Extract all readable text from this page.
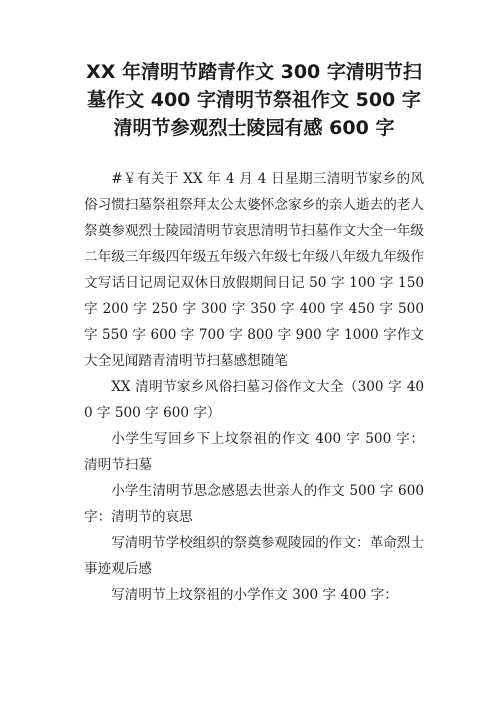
XX 年清明节踏青作文 300 字清明节扫
墓作文 400 字清明节祭祖作文 500 字
清明节参观烈士陵园有感 600 字

#￥有关于 XX 年 4 月 4 日星期三清明节家乡的风俗习惯扫墓祭祖祭拜太公太婆怀念家乡的亲人逝去的老人祭奠参观烈士陵园清明节哀思清明节扫墓作文大全一年级二年级三年级四年级五年级六年级七年级八年级九年级作文写话日记周记双休日放假期间日记 50 字 100 字 150 字 200 字 250 字 300 字 350 字 400 字 450 字 500 字 550 字 600 字 700 字 800 字 900 字 1000 字作文大全见闻踏青清明节扫墓感想随笔

XX 清明节家乡风俗扫墓习俗作文大全（300 字 400 字 500 字 600 字）

小学生写回乡下上坟祭祖的作文 400 字 500 字：清明节扫墓

小学生清明节思念感恩去世亲人的作文 500 字 600 字：清明节的哀思

写清明节学校组织的祭奠参观陵园的作文：革命烈士事迹观后感

写清明节上坟祭祖的小学作文 300 字 400 字：
